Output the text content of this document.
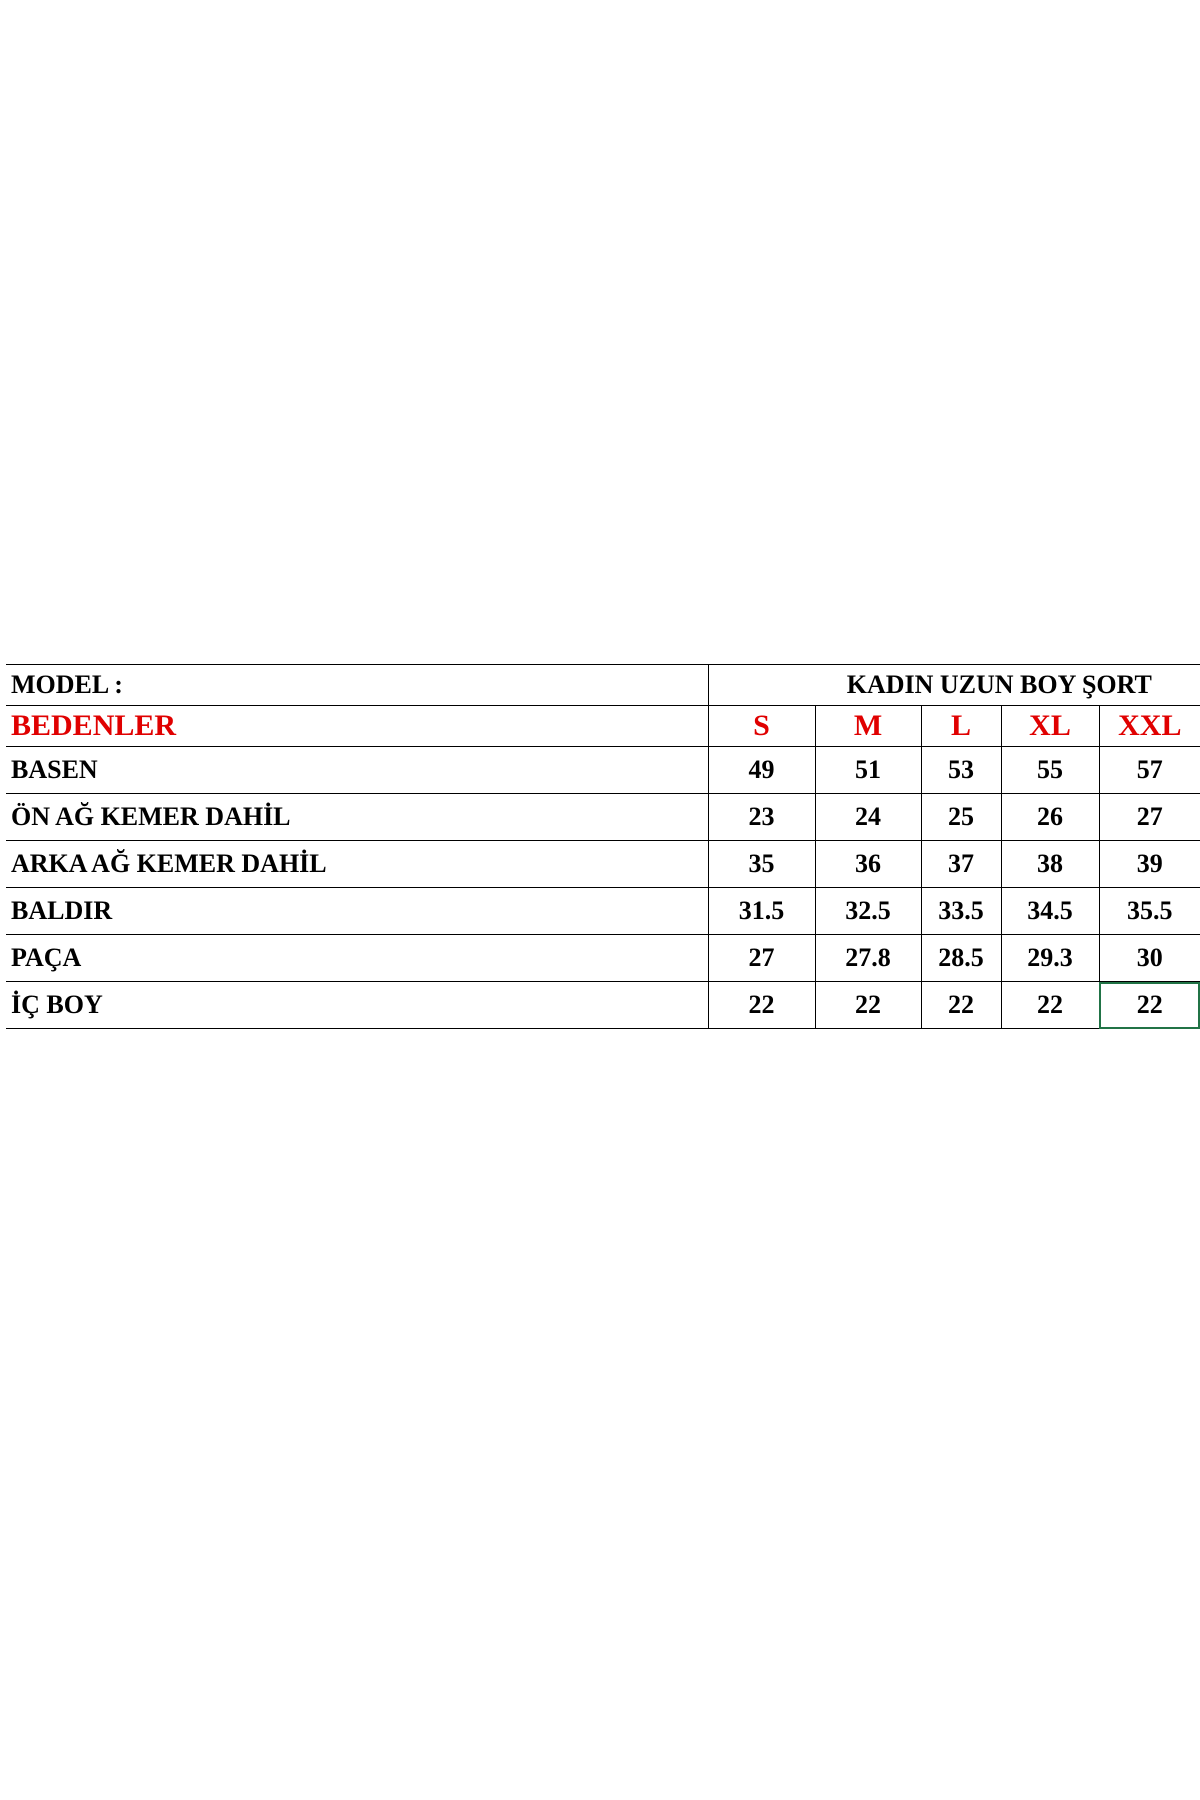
MODEL :	KADIN UZUN BOY ŞORT				
BEDENLER	S	M	L	XL	XXL
BASEN	49	51	53	55	57
ÖN AĞ KEMER DAHİL	23	24	25	26	27
ARKA AĞ KEMER DAHİL	35	36	37	38	39
BALDIR	31.5	32.5	33.5	34.5	35.5
PAÇA	27	27.8	28.5	29.3	30
İÇ BOY	22	22	22	22	22
